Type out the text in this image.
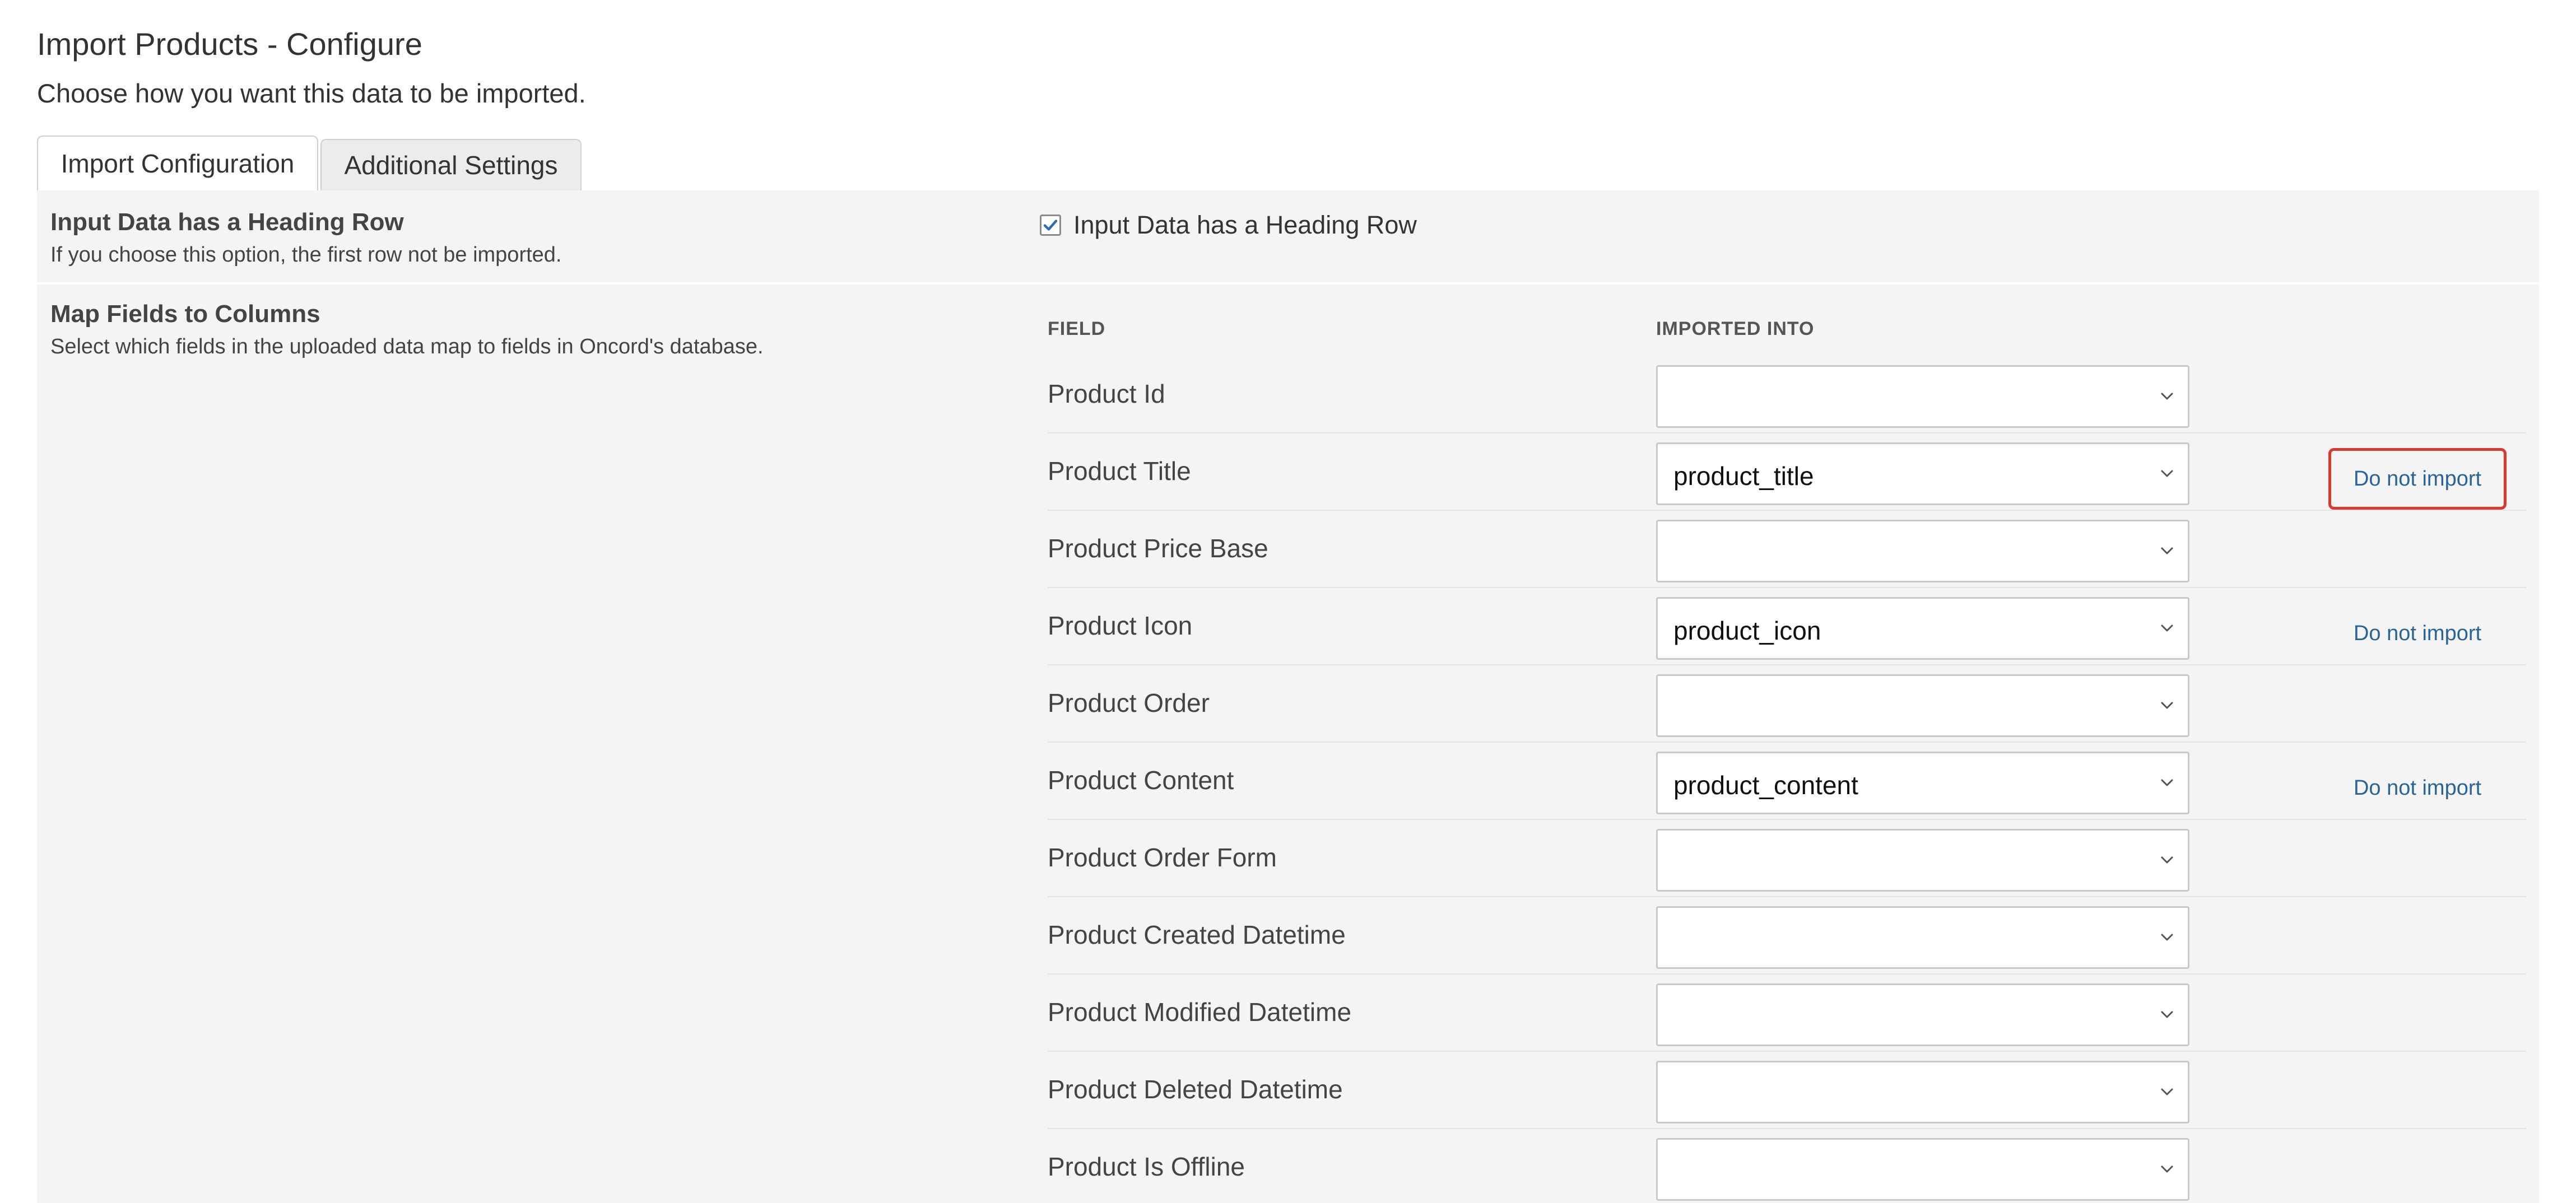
Import Products - Configure

Choose how you want this data to be imported.

Import Configuration	Additional Settings
Input Data has a Heading Row
If you choose this option, the first row not be imported.
Input Data has a Heading Row
Map Fields to Columns
Select which fields in the uploaded data map to fields in Oncord's database.
FIELD	IMPORTED INTO
Product Id
Product Title	product_title	Do not import
Product Price Base
Product Icon	product_icon	Do not import
Product Order
Product Content	product_content	Do not import
Product Order Form
Product Created Datetime
Product Modified Datetime
Product Deleted Datetime
Product Is Offline
